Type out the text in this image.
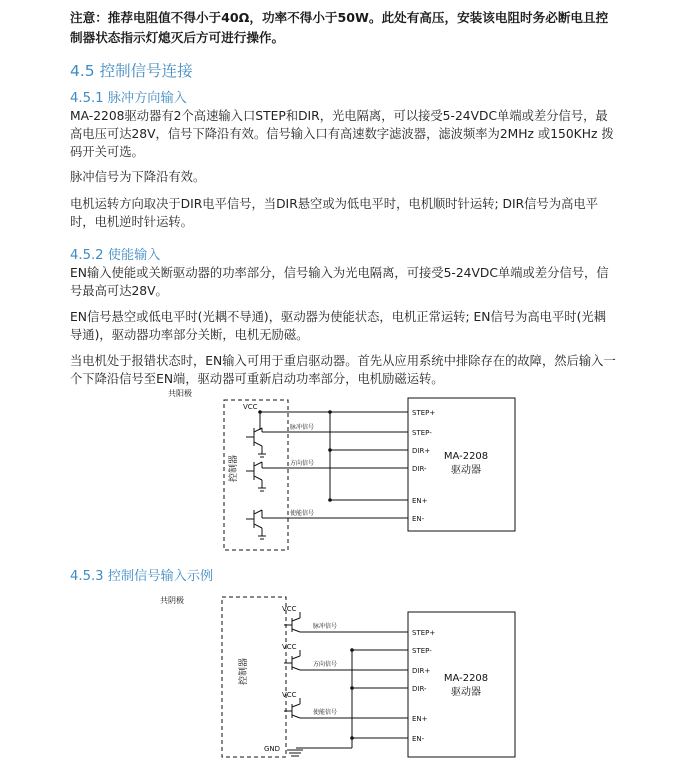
注意：推荐电阻值不得小于40Ω，功率不得小于50W。此处有高压，安装该电阻时务必断电且控制器状态指示灯熄灭后方可进行操作。
4.5 控制信号连接
4.5.1 脉冲方向输入
MA-2208驱动器有2个高速输入口STEP和DIR，光电隔离，可以接受5-24VDC单端或差分信号，最高电压可达28V，信号下降沿有效。信号输入口有高速数字滤波器，滤波频率为2MHz 或150KHz 拨码开关可选。
脉冲信号为下降沿有效。
电机运转方向取决于DIR电平信号，当DIR悬空或为低电平时，电机顺时针运转; DIR信号为高电平时，电机逆时针运转。
4.5.2 使能输入
EN输入使能或关断驱动器的功率部分，信号输入为光电隔离，可接受5-24VDC单端或差分信号，信号最高可达28V。
EN信号悬空或低电平时(光耦不导通)，驱动器为使能状态，电机正常运转; EN信号为高电平时(光耦导通)，驱动器功率部分关断，电机无励磁。
当电机处于报错状态时，EN输入可用于重启驱动器。首先从应用系统中排除存在的故障，然后输入一个下降沿信号至EN端，驱动器可重新启动功率部分，电机励磁运转。
4.5.3 控制信号输入示例
共阳极
VCC
控制器
脉冲信号
方向信号
使能信号
STEP+
STEP-
DIR+
DIR-
EN+
EN-
MA-2208
驱动器
共阴极
VCC
VCC
VCC
GND
控制器
脉冲信号
方向信号
使能信号
STEP+
STEP-
DIR+
DIR-
EN+
EN-
MA-2208
驱动器
